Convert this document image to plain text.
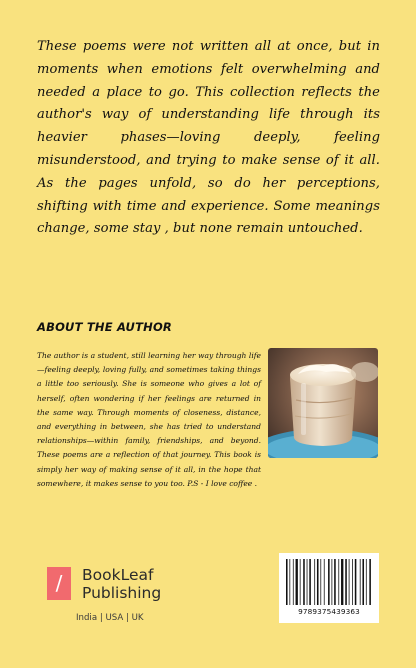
These poems were not written all at once, but in moments when emotions felt overwhelming and needed a place to go. This collection reflects the author's way of understanding life through its heavier phases—loving deeply, feeling misunderstood, and trying to make sense of it all. As the pages unfold, so do her perceptions, shifting with time and experience. Some meanings change, some stay , but none remain untouched.

ABOUT THE AUTHOR

The author is a student, still learning her way through life—feeling deeply, loving fully, and sometimes taking things a little too seriously. She is someone who gives a lot of herself, often wondering if her feelings are returned in the same way. Through moments of closeness, distance, and everything in between, she has tried to understand relationships—within family, friendships, and beyond. These poems are a reflection of that journey. This book is simply her way of making sense of it all, in the hope that somewhere, it makes sense to you too. P.S - I love coffee .

/	BookLeaf
Publishing

India | USA | UK

9789375439363
